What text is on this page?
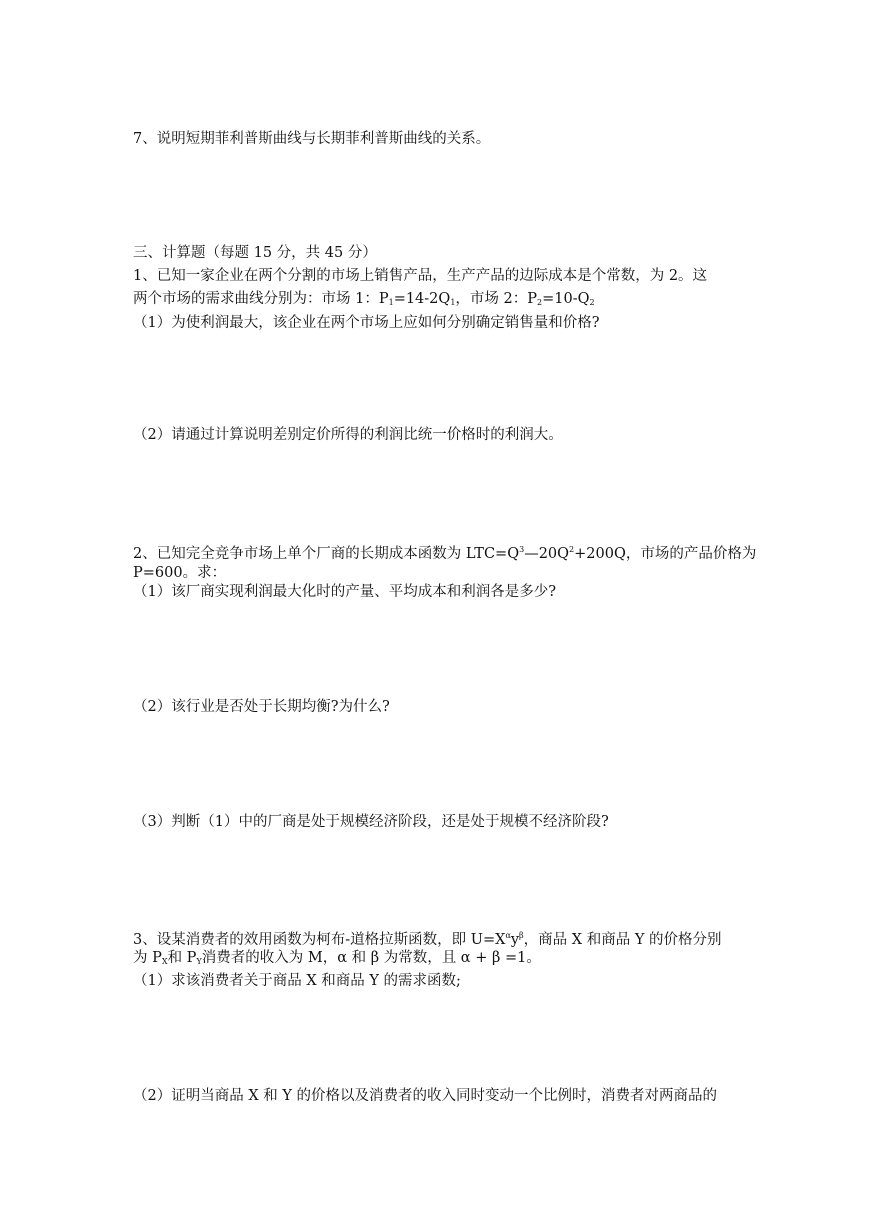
7、说明短期菲利普斯曲线与长期菲利普斯曲线的关系。
三、计算题（每题 15 分，共 45 分）
1、已知一家企业在两个分割的市场上销售产品，生产产品的边际成本是个常数，为 2。这
两个市场的需求曲线分别为：市场 1：$P_1=14-2Q_1$，市场 2：$P_2=10-Q_2$
（1）为使利润最大，该企业在两个市场上应如何分别确定销售量和价格?
（2）请通过计算说明差别定价所得的利润比统一价格时的利润大。
2、已知完全竞争市场上单个厂商的长期成本函数为 $LTC=Q^3—20Q^2+200Q$，市场的产品价格为
P=600。求：
（1）该厂商实现利润最大化时的产量、平均成本和利润各是多少?
（2）该行业是否处于长期均衡?为什么?
（3）判断（1）中的厂商是处于规模经济阶段，还是处于规模不经济阶段?
3、设某消费者的效用函数为柯布-道格拉斯函数，即 $U=X^\alpha y^\beta$，商品 X 和商品 Y 的价格分别
为 $P_X$和 $P_Y$消费者的收入为 M，α 和 β 为常数，且 α + β =1。
（1）求该消费者关于商品 X 和商品 Y 的需求函数;
（2）证明当商品 X 和 Y 的价格以及消费者的收入同时变动一个比例时，消费者对两商品的
